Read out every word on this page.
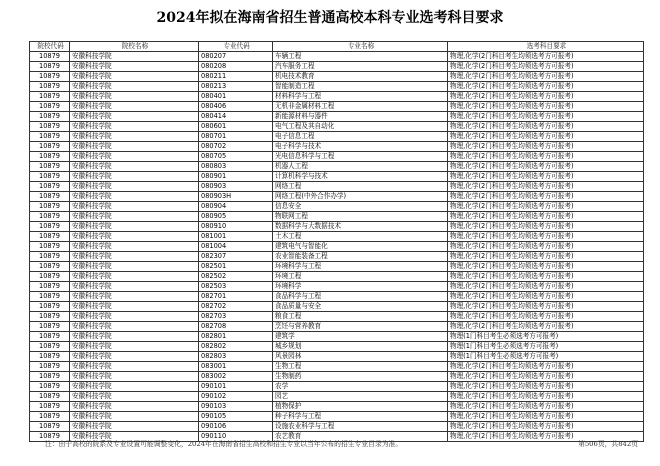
2024年拟在海南省招生普通高校本科专业选考科目要求
院校代码	院校名称	专业代码	专业名称	选考科目要求
10879	安徽科技学院	080207	车辆工程	物理,化学(2门科目考生均须选考方可报考)
10879	安徽科技学院	080208	汽车服务工程	物理,化学(2门科目考生均须选考方可报考)
10879	安徽科技学院	080211	机电技术教育	物理,化学(2门科目考生均须选考方可报考)
10879	安徽科技学院	080213	智能制造工程	物理,化学(2门科目考生均须选考方可报考)
10879	安徽科技学院	080401	材料科学与工程	物理,化学(2门科目考生均须选考方可报考)
10879	安徽科技学院	080406	无机非金属材料工程	物理,化学(2门科目考生均须选考方可报考)
10879	安徽科技学院	080414	新能源材料与器件	物理,化学(2门科目考生均须选考方可报考)
10879	安徽科技学院	080601	电气工程及其自动化	物理,化学(2门科目考生均须选考方可报考)
10879	安徽科技学院	080701	电子信息工程	物理,化学(2门科目考生均须选考方可报考)
10879	安徽科技学院	080702	电子科学与技术	物理,化学(2门科目考生均须选考方可报考)
10879	安徽科技学院	080705	光电信息科学与工程	物理,化学(2门科目考生均须选考方可报考)
10879	安徽科技学院	080803	机器人工程	物理,化学(2门科目考生均须选考方可报考)
10879	安徽科技学院	080901	计算机科学与技术	物理,化学(2门科目考生均须选考方可报考)
10879	安徽科技学院	080903	网络工程	物理,化学(2门科目考生均须选考方可报考)
10879	安徽科技学院	080903H	网络工程(中外合作办学)	物理,化学(2门科目考生均须选考方可报考)
10879	安徽科技学院	080904	信息安全	物理,化学(2门科目考生均须选考方可报考)
10879	安徽科技学院	080905	物联网工程	物理,化学(2门科目考生均须选考方可报考)
10879	安徽科技学院	080910	数据科学与大数据技术	物理,化学(2门科目考生均须选考方可报考)
10879	安徽科技学院	081001	土木工程	物理,化学(2门科目考生均须选考方可报考)
10879	安徽科技学院	081004	建筑电气与智能化	物理,化学(2门科目考生均须选考方可报考)
10879	安徽科技学院	082307	农业智能装备工程	物理,化学(2门科目考生均须选考方可报考)
10879	安徽科技学院	082501	环境科学与工程	物理,化学(2门科目考生均须选考方可报考)
10879	安徽科技学院	082502	环境工程	物理,化学(2门科目考生均须选考方可报考)
10879	安徽科技学院	082503	环境科学	物理,化学(2门科目考生均须选考方可报考)
10879	安徽科技学院	082701	食品科学与工程	物理,化学(2门科目考生均须选考方可报考)
10879	安徽科技学院	082702	食品质量与安全	物理,化学(2门科目考生均须选考方可报考)
10879	安徽科技学院	082703	粮食工程	物理,化学(2门科目考生均须选考方可报考)
10879	安徽科技学院	082708	烹饪与营养教育	物理,化学(2门科目考生均须选考方可报考)
10879	安徽科技学院	082801	建筑学	物理(1门科目考生必须选考方可报考)
10879	安徽科技学院	082802	城乡规划	物理(1门科目考生必须选考方可报考)
10879	安徽科技学院	082803	风景园林	物理(1门科目考生必须选考方可报考)
10879	安徽科技学院	083001	生物工程	物理,化学(2门科目考生均须选考方可报考)
10879	安徽科技学院	083002	生物制药	物理,化学(2门科目考生均须选考方可报考)
10879	安徽科技学院	090101	农学	物理,化学(2门科目考生均须选考方可报考)
10879	安徽科技学院	090102	园艺	物理,化学(2门科目考生均须选考方可报考)
10879	安徽科技学院	090103	植物保护	物理,化学(2门科目考生均须选考方可报考)
10879	安徽科技学院	090105	种子科学与工程	物理,化学(2门科目考生均须选考方可报考)
10879	安徽科技学院	090106	设施农业科学与工程	物理,化学(2门科目考生均须选考方可报考)
10879	安徽科技学院	090110	农艺教育	物理,化学(2门科目考生均须选考方可报考)
注：由于高校的院系及专业设置可能调整变化，2024年在海南省招生高校和招生专业以当年公布的招生专业目录为准。	第506页，共842页
